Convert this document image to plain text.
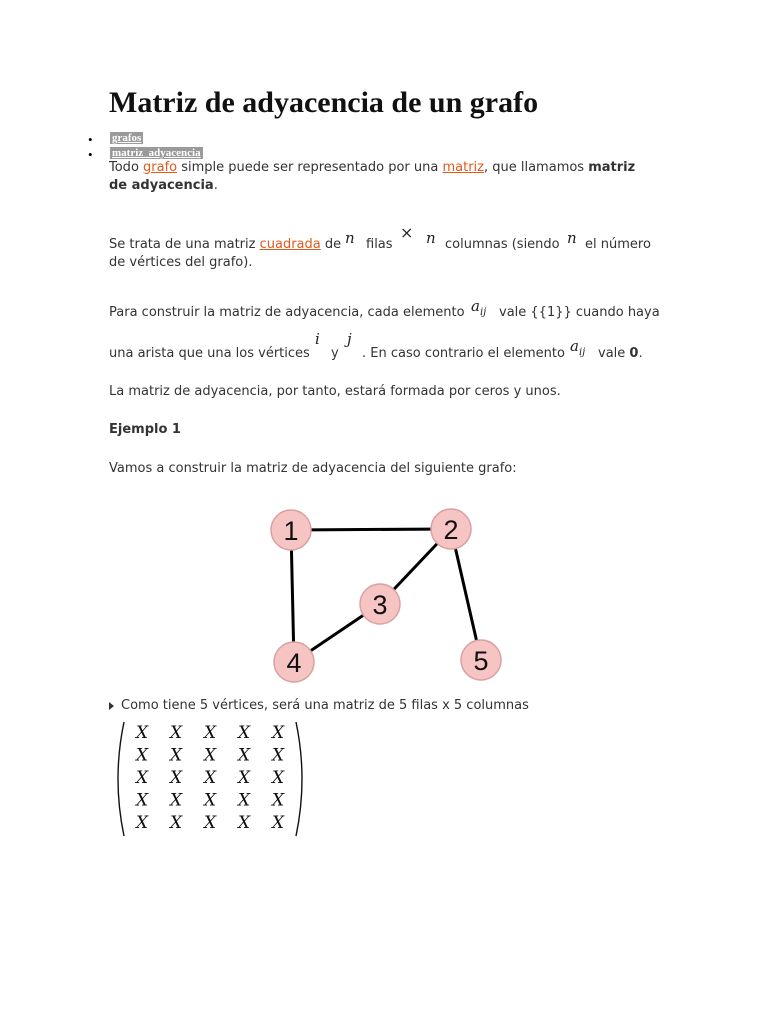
Matriz de adyacencia de un grafo
• grafos
• matriz_adyacencia

Todo grafo simple puede ser representado por una matriz, que llamamos matriz
de adyacencia.

Se trata de una matriz cuadrada de n filas
× n columnas (siendo n el número
de vértices del grafo).
Para construir la matriz de adyacencia, cada elemento $a_{ij}$ vale {{1}} cuando haya
una arista que una los vértices
i
y
j
. En caso contrario el elemento $a_{ij}$ vale 0.
La matriz de adyacencia, por tanto, estará formada por ceros y unos.
Ejemplo 1
Vamos a construir la matriz de adyacencia del siguiente grafo:
1	2
3
4	5
Como tiene 5 vértices, será una matriz de 5 filas x 5 columnas
X X X X X
X X X X X
X X X X X
X X X X X
X X X X X
